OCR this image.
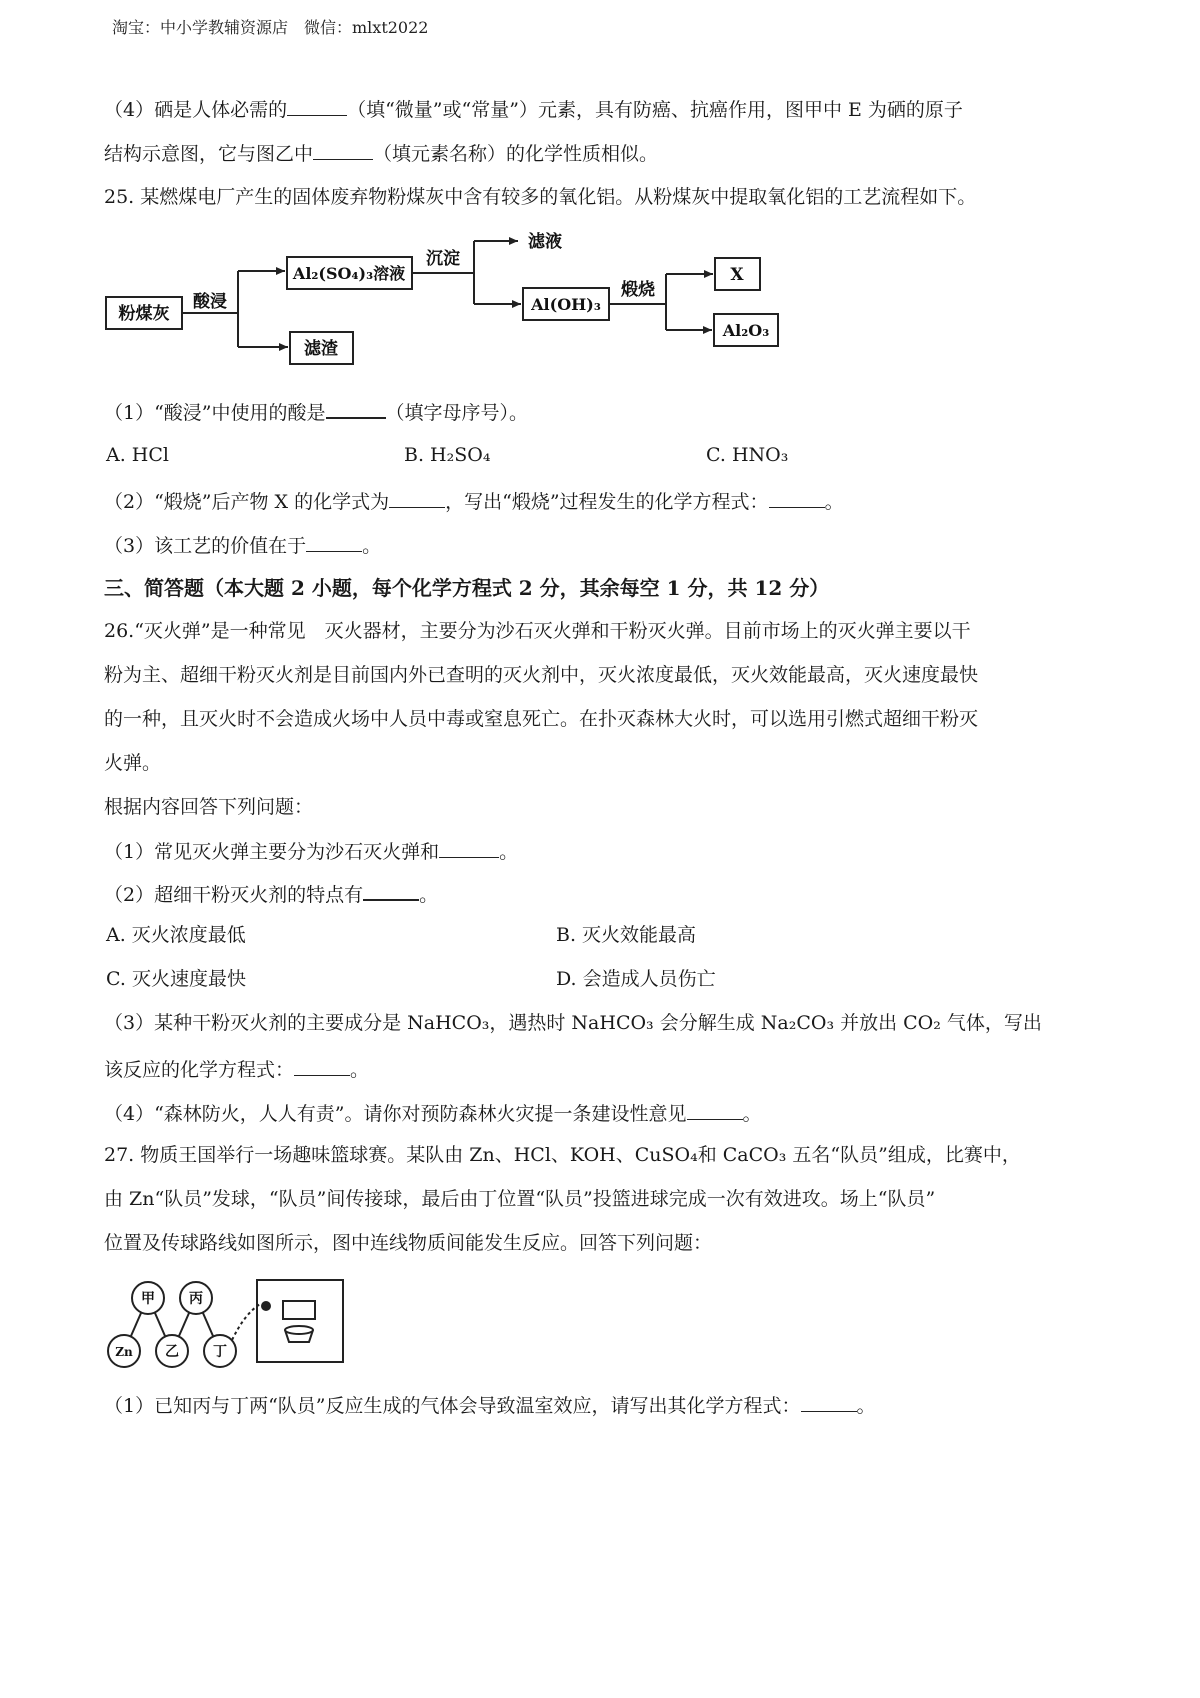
淘宝：中小学教辅资源店　微信：mlxt2022
（4）硒是人体必需的	（填“微量”或“常量”）元素，具有防癌、抗癌作用，图甲中 E 为硒的原子
结构示意图，它与图乙中	（填元素名称）的化学性质相似。
25. 某燃煤电厂产生的固体废弃物粉煤灰中含有较多的氧化铝。从粉煤灰中提取氧化铝的工艺流程如下。
粉煤灰
酸浸
Al₂(SO₄)₃溶液
滤渣
沉淀
滤液
Al(OH)₃
煅烧
X
Al₂O₃
（1）“酸浸”中使用的酸是	（填字母序号）。
A. HCl	B. H₂SO₄	C. HNO₃
（2）“煅烧”后产物 X 的化学式为	，写出“煅烧”过程发生的化学方程式：	。
（3）该工艺的价值在于	。
三、简答题（本大题 2 小题，每个化学方程式 2 分，其余每空 1 分，共 12 分）
26.“灭火弹”是一种常见　灭火器材，主要分为沙石灭火弹和干粉灭火弹。目前市场上的灭火弹主要以干
粉为主、超细干粉灭火剂是目前国内外已查明的灭火剂中，灭火浓度最低，灭火效能最高，灭火速度最快
的一种，且灭火时不会造成火场中人员中毒或窒息死亡。在扑灭森林大火时，可以选用引燃式超细干粉灭
火弹。
根据内容回答下列问题：
（1）常见灭火弹主要分为沙石灭火弹和	。
（2）超细干粉灭火剂的特点有	。
A. 灭火浓度最低	B. 灭火效能最高
C. 灭火速度最快	D. 会造成人员伤亡
（3）某种干粉灭火剂的主要成分是 NaHCO₃，遇热时 NaHCO₃ 会分解生成 Na₂CO₃ 并放出 CO₂ 气体，写出
该反应的化学方程式：	。
（4）“森林防火，人人有责”。请你对预防森林火灾提一条建设性意见	。
27. 物质王国举行一场趣味篮球赛。某队由 Zn、HCl、KOH、CuSO₄和 CaCO₃ 五名“队员”组成，比赛中，
由 Zn“队员”发球，“队员”间传接球，最后由丁位置“队员”投篮进球完成一次有效进攻。场上“队员”
位置及传球路线如图所示，图中连线物质间能发生反应。回答下列问题：
甲 丙
Zn 乙 丁
（1）已知丙与丁两“队员”反应生成的气体会导致温室效应，请写出其化学方程式：	。
